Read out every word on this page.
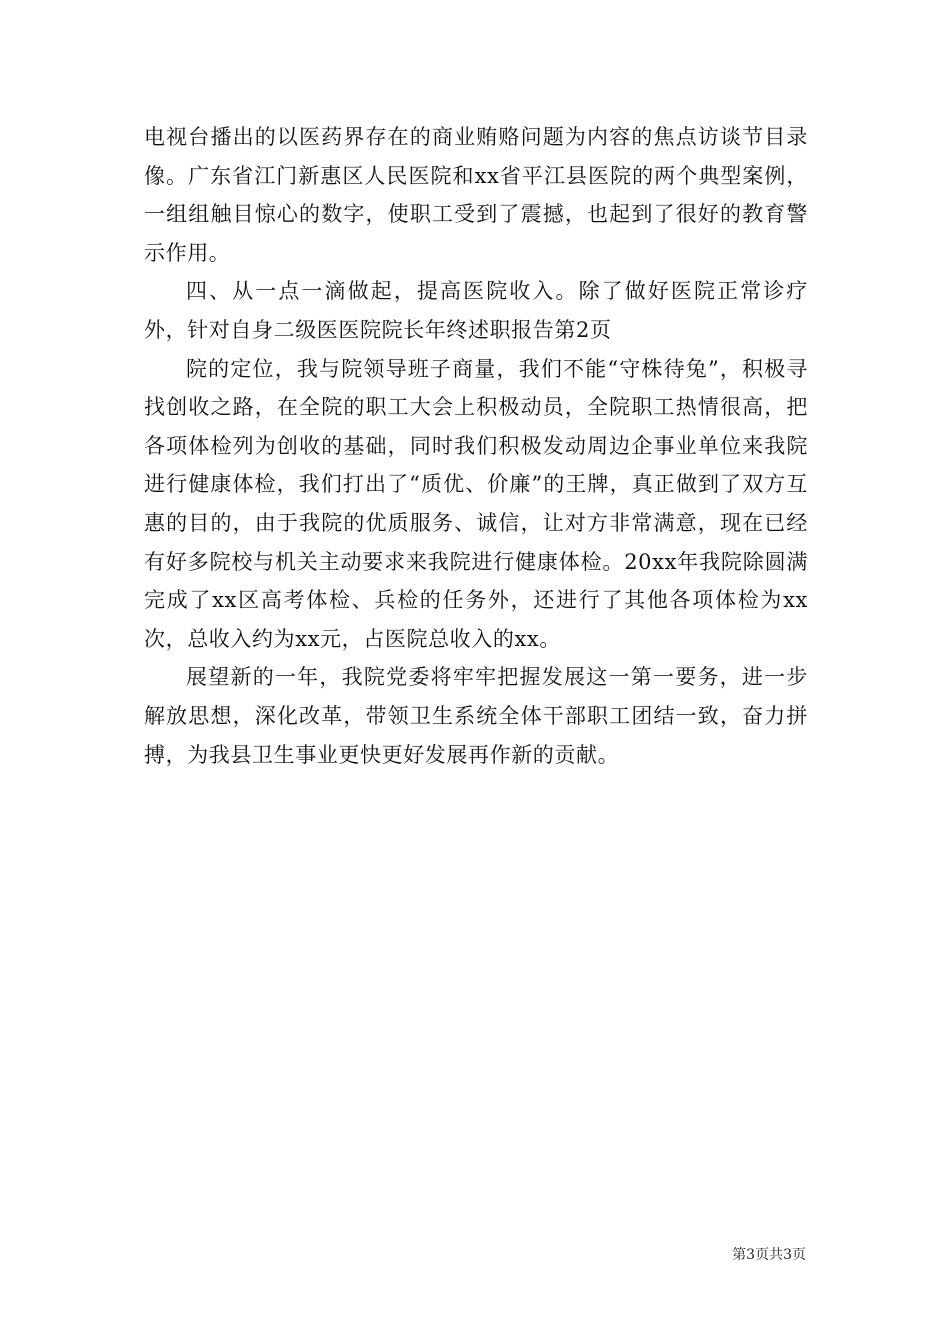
电视台播出的以医药界存在的商业贿赂问题为内容的焦点访谈节目录像。广东省江门新惠区人民医院和xx省平江县医院的两个典型案例，一组组触目惊心的数字，使职工受到了震撼，也起到了很好的教育警示作用。

四、从一点一滴做起，提高医院收入。除了做好医院正常诊疗外，针对自身二级医医院院长年终述职报告第2页

院的定位，我与院领导班子商量，我们不能“守株待兔”，积极寻找创收之路，在全院的职工大会上积极动员，全院职工热情很高，把各项体检列为创收的基础，同时我们积极发动周边企事业单位来我院进行健康体检，我们打出了“质优、价廉”的王牌，真正做到了双方互惠的目的，由于我院的优质服务、诚信，让对方非常满意，现在已经有好多院校与机关主动要求来我院进行健康体检。20xx年我院除圆满完成了xx区高考体检、兵检的任务外，还进行了其他各项体检为xx次，总收入约为xx元，占医院总收入的xx。

展望新的一年，我院党委将牢牢把握发展这一第一要务，进一步解放思想，深化改革，带领卫生系统全体干部职工团结一致，奋力拼搏，为我县卫生事业更快更好发展再作新的贡献。

第3页共3页
